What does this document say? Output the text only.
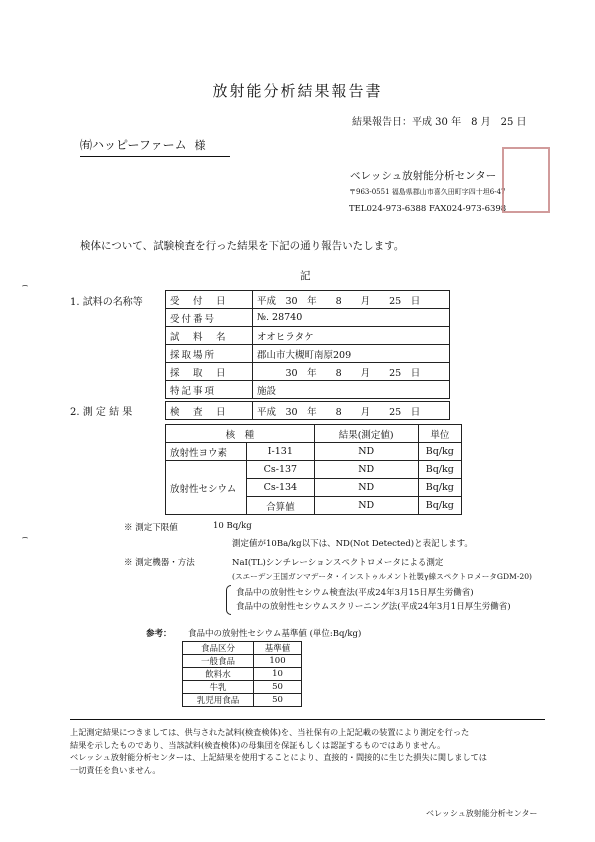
放射能分析結果報告書
結果報告日：平成 30 年　8 月　25 日
㈲ハッピーファーム 様
ベレッシュ放射能分析センター
〒963-0551 福島県郡山市喜久田町字四十坦6-47
TEL024-973-6388 FAX024-973-6398
検体について、試験検査を行った結果を下記の通り報告いたします。
記
1. 試料の名称等	受　付　日	平成　30　年　　8　　月　　25　日
受付番号	№. 28740
試　料　名	オオヒラタケ
採取場所	郡山市大槻町南原209
採　取　日	　　　30　年　　8　　月　　25　日
特記事項	施設
2. 測 定 結 果	検　査　日	平成　30　年　　8　　月　　25　日
核　種		結果(測定値)	単位
放射性ヨウ素	I-131	ND	Bq/kg
放射性セシウム	Cs-137	ND	Bq/kg
	Cs-134	ND	Bq/kg
	合算値	ND	Bq/kg
※ 測定下限値	10 Bq/kg
測定値が10Ba/kg以下は、ND(Not Detected)と表記します。
※ 測定機器・方法	NaI(TL)シンチレーションスペクトロメータによる測定
(スエーデン王国ガンマデータ・インストゥルメント社製γ線スペクトロメータGDM-20)
食品中の放射性セシウム検査法(平成24年3月15日厚生労働省)
食品中の放射性セシウムスクリーニング法(平成24年3月1日厚生労働省)
参考： 食品中の放射性セシウム基準値 (単位:Bq/kg)
食品区分	基準値
一般食品	100
飲料水	10
牛乳	50
乳児用食品	50
上記測定結果につきましては、供与された試料(検査検体)を、当社保有の上記記載の装置により測定を行った
結果を示したものであり、当該試料(検査検体)の母集団を保証もしくは認証するものではありません。
ベレッシュ放射能分析センターは、上記結果を使用することにより、直接的・間接的に生じた損失に関しましては
一切責任を負いません。
ベレッシュ放射能分析センター
